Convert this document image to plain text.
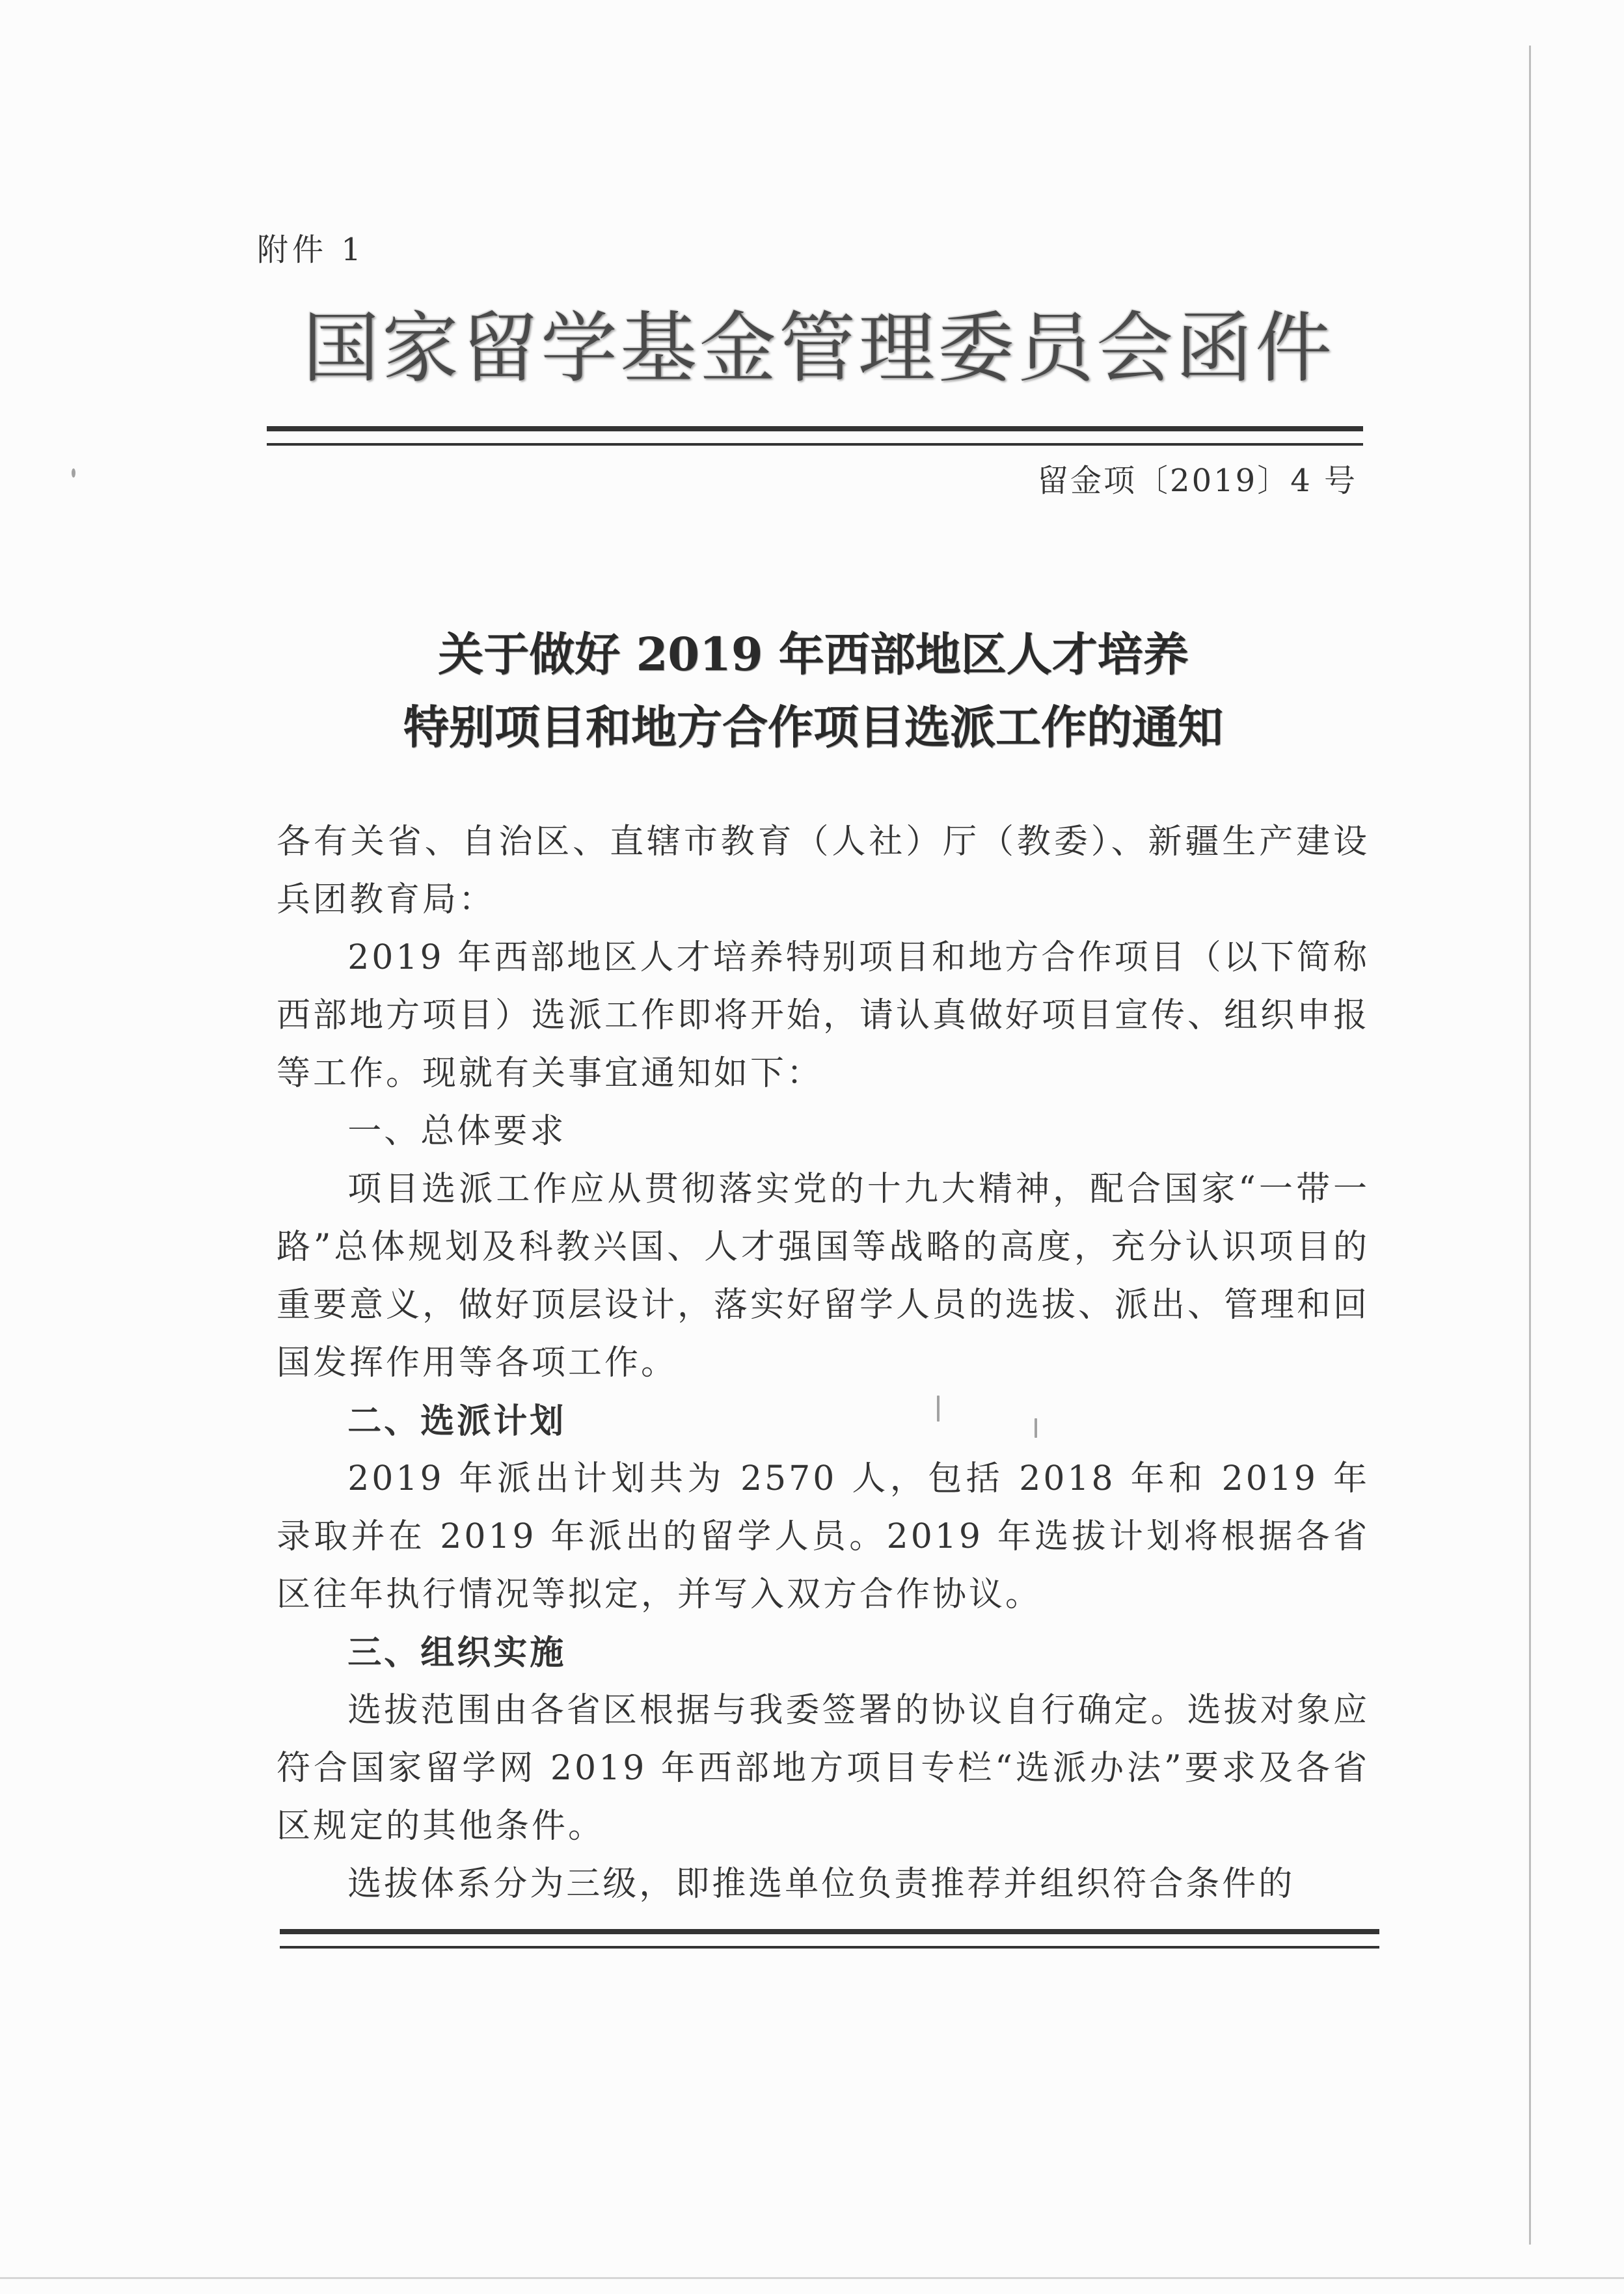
附件 1
国家留学基金管理委员会函件
留金项〔2019〕4 号
关于做好 2019 年西部地区人才培养
特别项目和地方合作项目选派工作的通知

各有关省、自治区、直辖市教育（人社）厅（教委）、新疆生产建设兵团教育局：

2019 年西部地区人才培养特别项目和地方合作项目（以下简称西部地方项目）选派工作即将开始，请认真做好项目宣传、组织申报等工作。现就有关事宜通知如下：

一、总体要求

项目选派工作应从贯彻落实党的十九大精神，配合国家“一带一路”总体规划及科教兴国、人才强国等战略的高度，充分认识项目的重要意义，做好顶层设计，落实好留学人员的选拔、派出、管理和回国发挥作用等各项工作。

二、选派计划

2019 年派出计划共为 2570 人，包括 2018 年和 2019 年录取并在 2019 年派出的留学人员。2019 年选拔计划将根据各省区往年执行情况等拟定，并写入双方合作协议。

三、组织实施

选拔范围由各省区根据与我委签署的协议自行确定。选拔对象应符合国家留学网 2019 年西部地方项目专栏“选派办法”要求及各省区规定的其他条件。

选拔体系分为三级，即推选单位负责推荐并组织符合条件的
